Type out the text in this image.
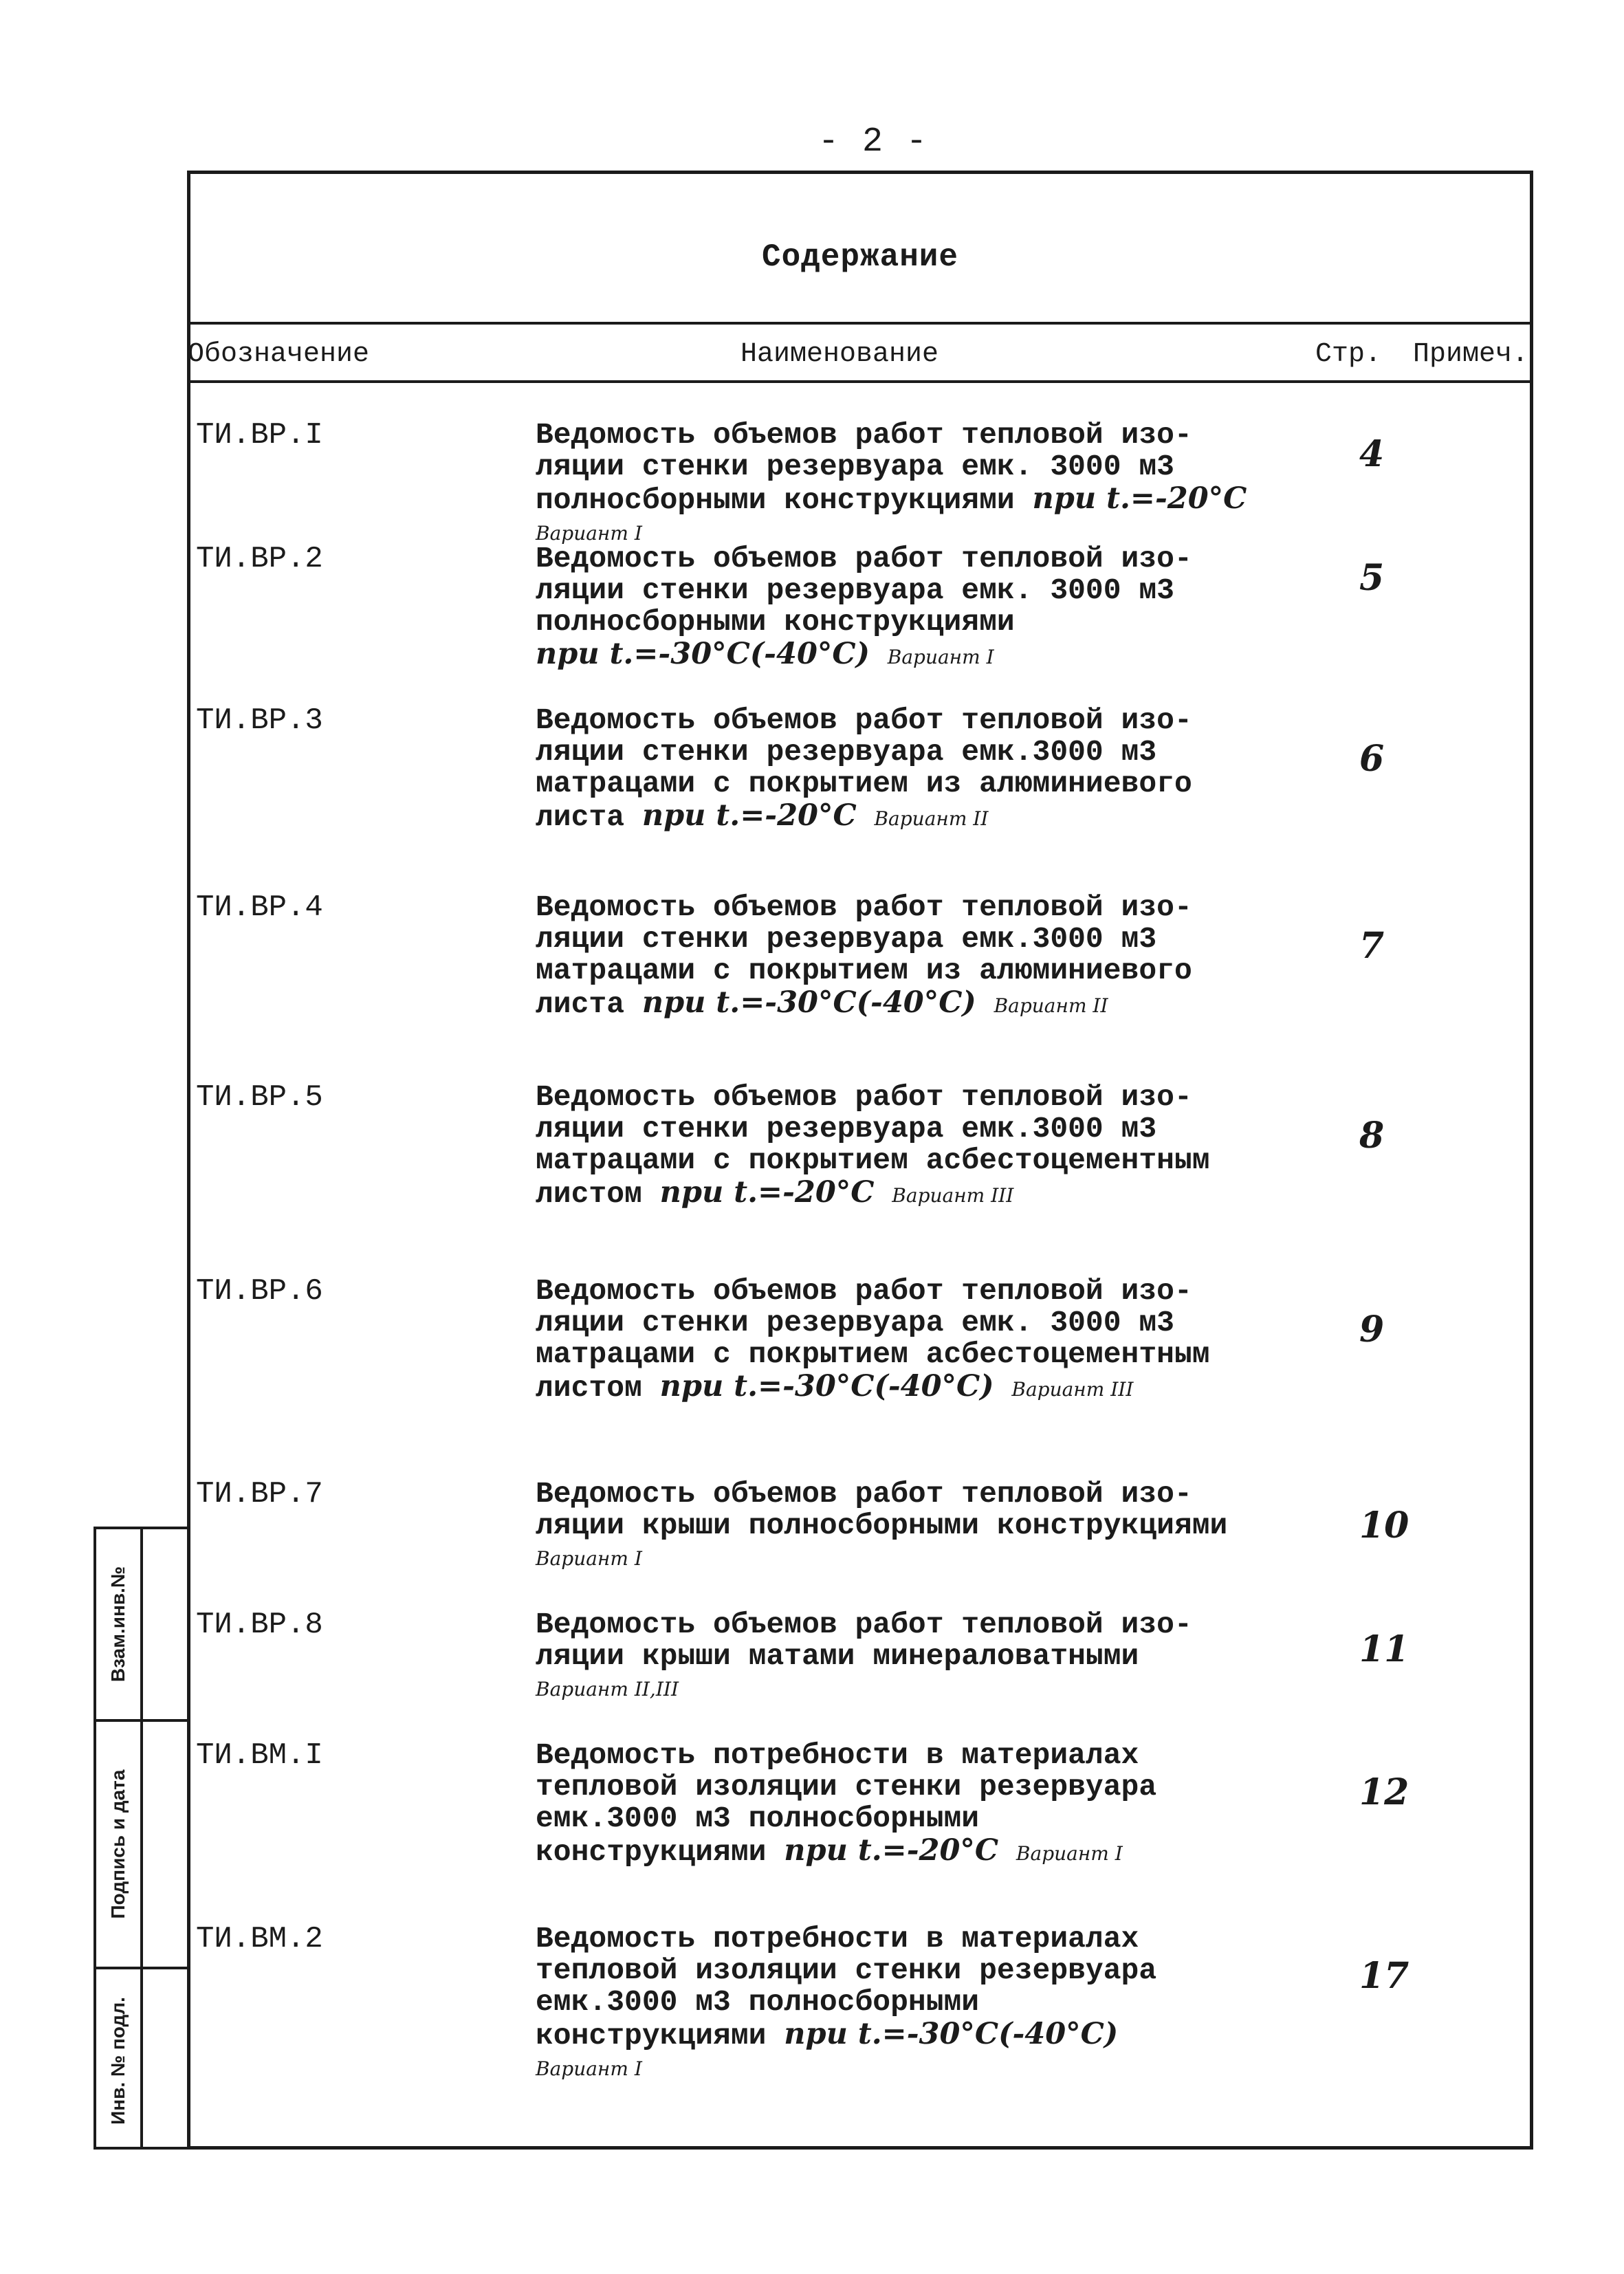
- 2 -
Содержание
Обозначение	Наименование	Стр. Примеч.
ТИ.ВР.I	Ведомость объемов работ тепловой изо-
ляции стенки резервуара емк. 3000 м3
полносборными конструкциями при t.=-20°C
Вариант I
4
ТИ.ВР.2	Ведомость объемов работ тепловой изо-
ляции стенки резервуара емк. 3000 м3
полносборными конструкциями
при t.=-30°C(-40°C) Вариант I
5
ТИ.ВР.3	Ведомость объемов работ тепловой изо-
ляции стенки резервуара емк.3000 м3
матрацами с покрытием из алюминиевого
листа при t.=-20°C Вариант II
6
ТИ.ВР.4	Ведомость объемов работ тепловой изо-
ляции стенки резервуара емк.3000 м3
матрацами с покрытием из алюминиевого
листа при t.=-30°C(-40°C) Вариант II
7
ТИ.ВР.5	Ведомость объемов работ тепловой изо-
ляции стенки резервуара емк.3000 м3
матрацами с покрытием асбестоцементным
листом при t.=-20°C Вариант III
8
ТИ.ВР.6	Ведомость объемов работ тепловой изо-
ляции стенки резервуара емк. 3000 м3
матрацами с покрытием асбестоцементным
листом при t.=-30°C(-40°C) Вариант III
9
ТИ.ВР.7	Ведомость объемов работ тепловой изо-
ляции крыши полносборными конструкциями
Вариант I
10
ТИ.ВР.8	Ведомость объемов работ тепловой изо-
ляции крыши матами минераловатными
Вариант II,III
11
ТИ.ВМ.I	Ведомость потребности в материалах
тепловой изоляции стенки резервуара
емк.3000 м3 полносборными
конструкциями при t.=-20°C Вариант I
12
ТИ.ВМ.2	Ведомость потребности в материалах
тепловой изоляции стенки резервуара
емк.3000 м3 полносборными
конструкциями при t.=-30°C(-40°C)
Вариант I
17
Взам.инв.№
Подпись и дата
Инв. № подл.
